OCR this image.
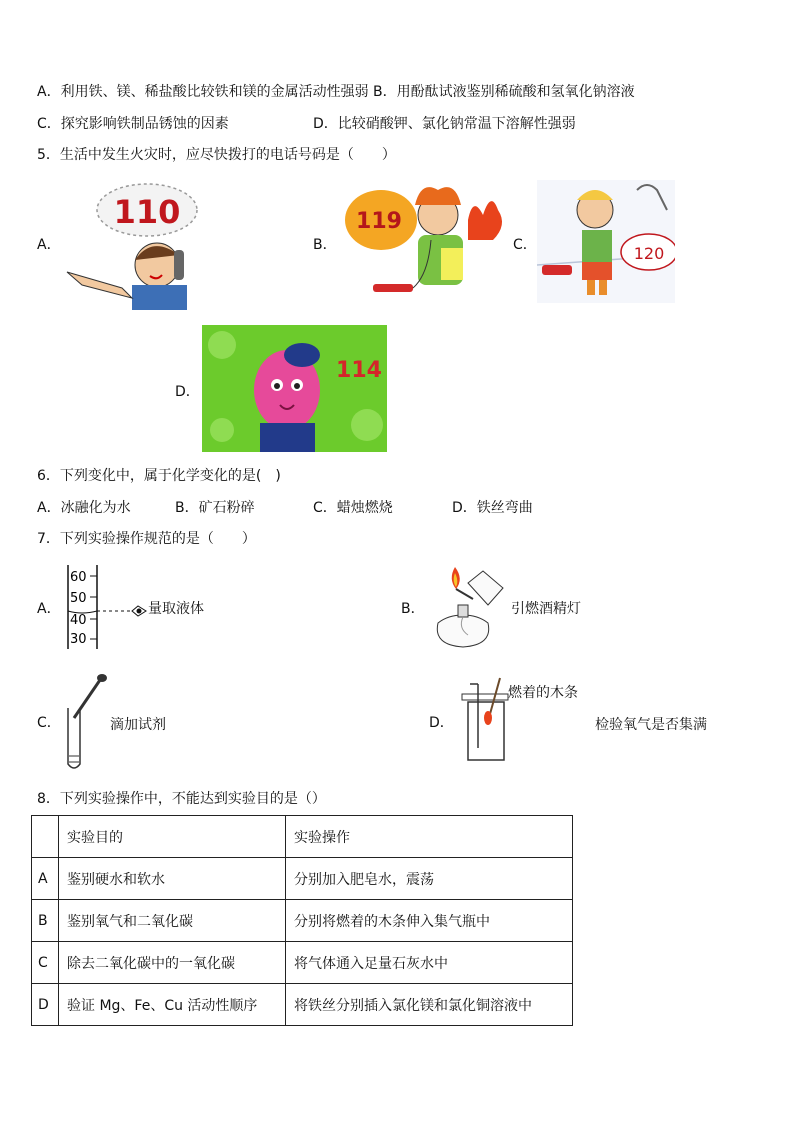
A．利用铁、镁、稀盐酸比较铁和镁的金属活动性强弱 B．用酚酞试液鉴别稀硫酸和氢氧化钠溶液
C．探究影响铁制品锈蚀的因素	D．比较硝酸钾、氯化钠常温下溶解性强弱
5．生活中发生火灾时，应尽快拨打的电话号码是（　　）
A．
110
B．
119
C．	120
D．
114
6．下列变化中，属于化学变化的是(　)
A．冰融化为水	B．矿石粉碎	C．蜡烛燃烧	D．铁丝弯曲
7．下列实验操作规范的是（　　）
A．
60
50
40
30
量取液体	B．	引燃酒精灯
C．	滴加试剂	D．
燃着的木条
检验氧气是否集满
8．下列实验操作中，不能达到实验目的是（）
	实验目的	实验操作
A	鉴别硬水和软水	分别加入肥皂水，震荡
B	鉴别氧气和二氧化碳	分别将燃着的木条伸入集气瓶中
C	除去二氧化碳中的一氧化碳	将气体通入足量石灰水中
D	验证 Mg、Fe、Cu 活动性顺序	将铁丝分别插入氯化镁和氯化铜溶液中
